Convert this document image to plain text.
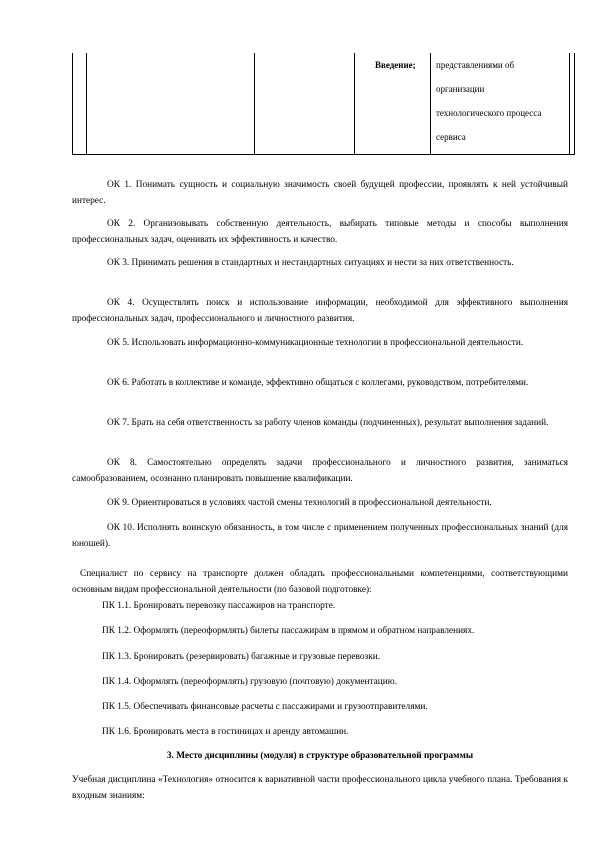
Введение;	представлениями об
организации
технологического процесса
сервиса

ОК 1. Понимать сущность и социальную значимость своей будущей профессии, проявлять к ней устойчивый интерес.

ОК 2. Организовывать собственную деятельность, выбирать типовые методы и способы выполнения профессиональных задач, оценивать их эффективность и качество.

ОК 3. Принимать решения в стандартных и нестандартных ситуациях и нести за них ответственность.

ОК 4. Осуществлять поиск и использование информации, необходимой для эффективного выполнения профессиональных задач, профессионального и личностного развития.

ОК 5. Использовать информационно-коммуникационные технологии в профессиональной деятельности.

ОК 6. Работать в коллективе и команде, эффективно общаться с коллегами, руководством, потребителями.

ОК 7. Брать на себя ответственность за работу членов команды (подчиненных), результат выполнения заданий.

ОК 8. Самостоятельно определять задачи профессионального и личностного развития, заниматься самообразованием, осознанно планировать повышение квалификации.

ОК 9. Ориентироваться в условиях частой смены технологий в профессиональной деятельности.

ОК 10. Исполнять воинскую обязанность, в том числе с применением полученных профессиональных знаний (для юношей).

Специалист по сервису на транспорте должен обладать профессиональными компетенциями, соответствующими основным видам профессиональной деятельности (по базовой подготовке):

ПК 1.1. Бронировать перевозку пассажиров на транспорте.

ПК 1.2. Оформлять (переоформлять) билеты пассажирам в прямом и обратном направлениях.

ПК 1.3. Бронировать (резервировать) багажные и грузовые перевозки.

ПК 1.4. Оформлять (переоформлять) грузовую (почтовую) документацию.

ПК 1.5. Обеспечивать финансовые расчеты с пассажирами и грузоотправителями.

ПК 1.6. Бронировать места в гостиницах и аренду автомашин.

3. Место дисциплины (модуля) в структуре образовательной программы

Учебная дисциплина «Технология» относится к вариативной части профессионального цикла учебного плана. Требования к входным знаниям:
